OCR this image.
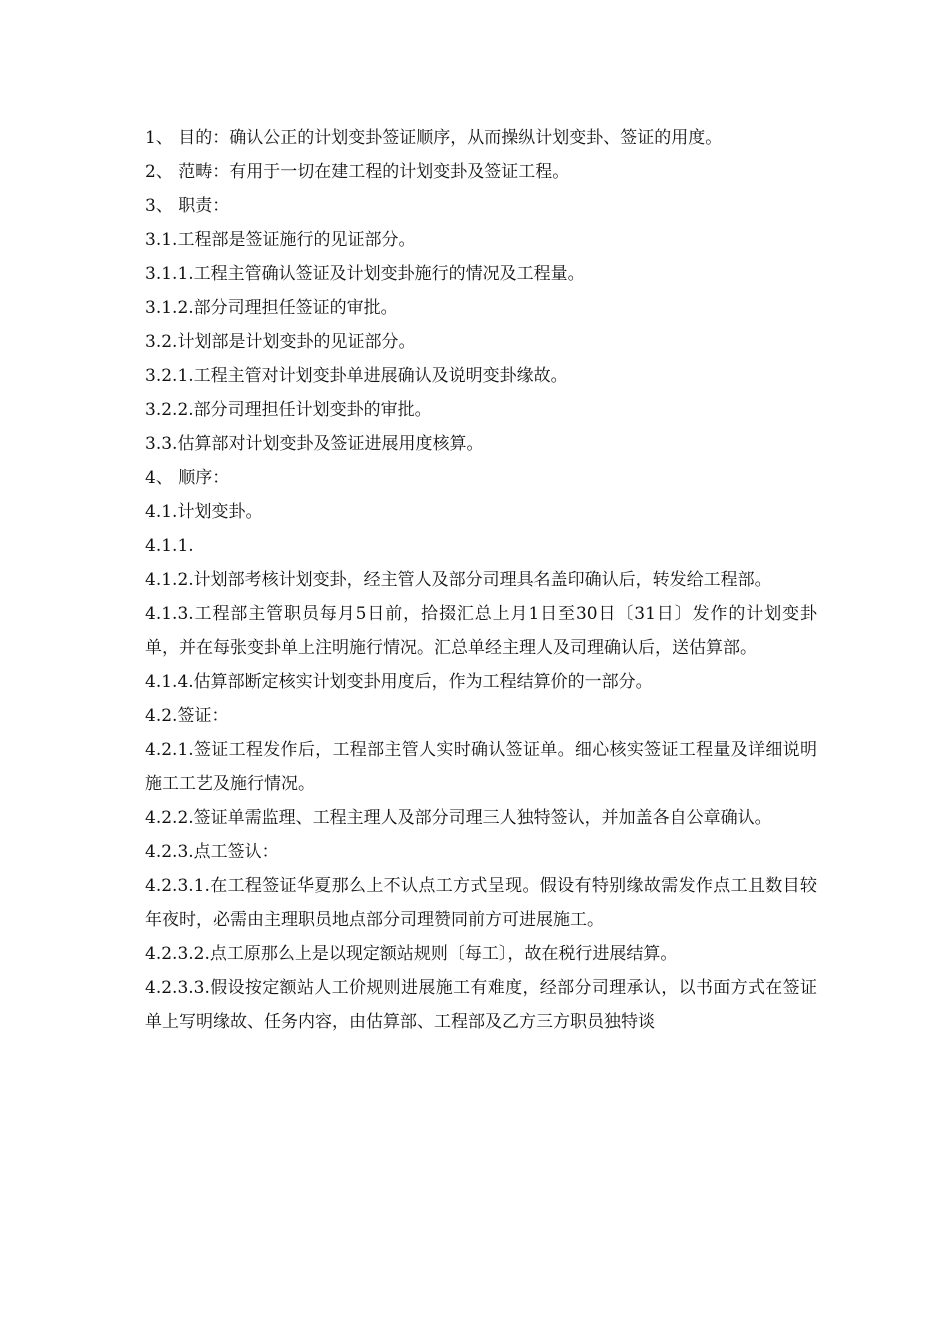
1、 目的：确认公正的计划变卦签证顺序，从而操纵计划变卦、签证的用度。

2、 范畴：有用于一切在建工程的计划变卦及签证工程。

3、 职责：

3.1.工程部是签证施行的见证部分。

3.1.1.工程主管确认签证及计划变卦施行的情况及工程量。

3.1.2.部分司理担任签证的审批。

3.2.计划部是计划变卦的见证部分。

3.2.1.工程主管对计划变卦单进展确认及说明变卦缘故。

3.2.2.部分司理担任计划变卦的审批。

3.3.估算部对计划变卦及签证进展用度核算。

4、 顺序：

4.1.计划变卦。

4.1.1.

4.1.2.计划部考核计划变卦，经主管人及部分司理具名盖印确认后，转发给工程部。

4.1.3.工程部主管职员每月5日前，拾掇汇总上月1日至30日〔31日〕发作的计划变卦单，并在每张变卦单上注明施行情况。汇总单经主理人及司理确认后，送估算部。

4.1.4.估算部断定核实计划变卦用度后，作为工程结算价的一部分。

4.2.签证：

4.2.1.签证工程发作后，工程部主管人实时确认签证单。细心核实签证工程量及详细说明施工工艺及施行情况。

4.2.2.签证单需监理、工程主理人及部分司理三人独特签认，并加盖各自公章确认。

4.2.3.点工签认：

4.2.3.1.在工程签证华夏那么上不认点工方式呈现。假设有特别缘故需发作点工且数目较年夜时，必需由主理职员地点部分司理赞同前方可进展施工。

4.2.3.2.点工原那么上是以现定额站规则〔每工〕，故在税行进展结算。

4.2.3.3.假设按定额站人工价规则进展施工有难度，经部分司理承认，以书面方式在签证单上写明缘故、任务内容，由估算部、工程部及乙方三方职员独特谈
